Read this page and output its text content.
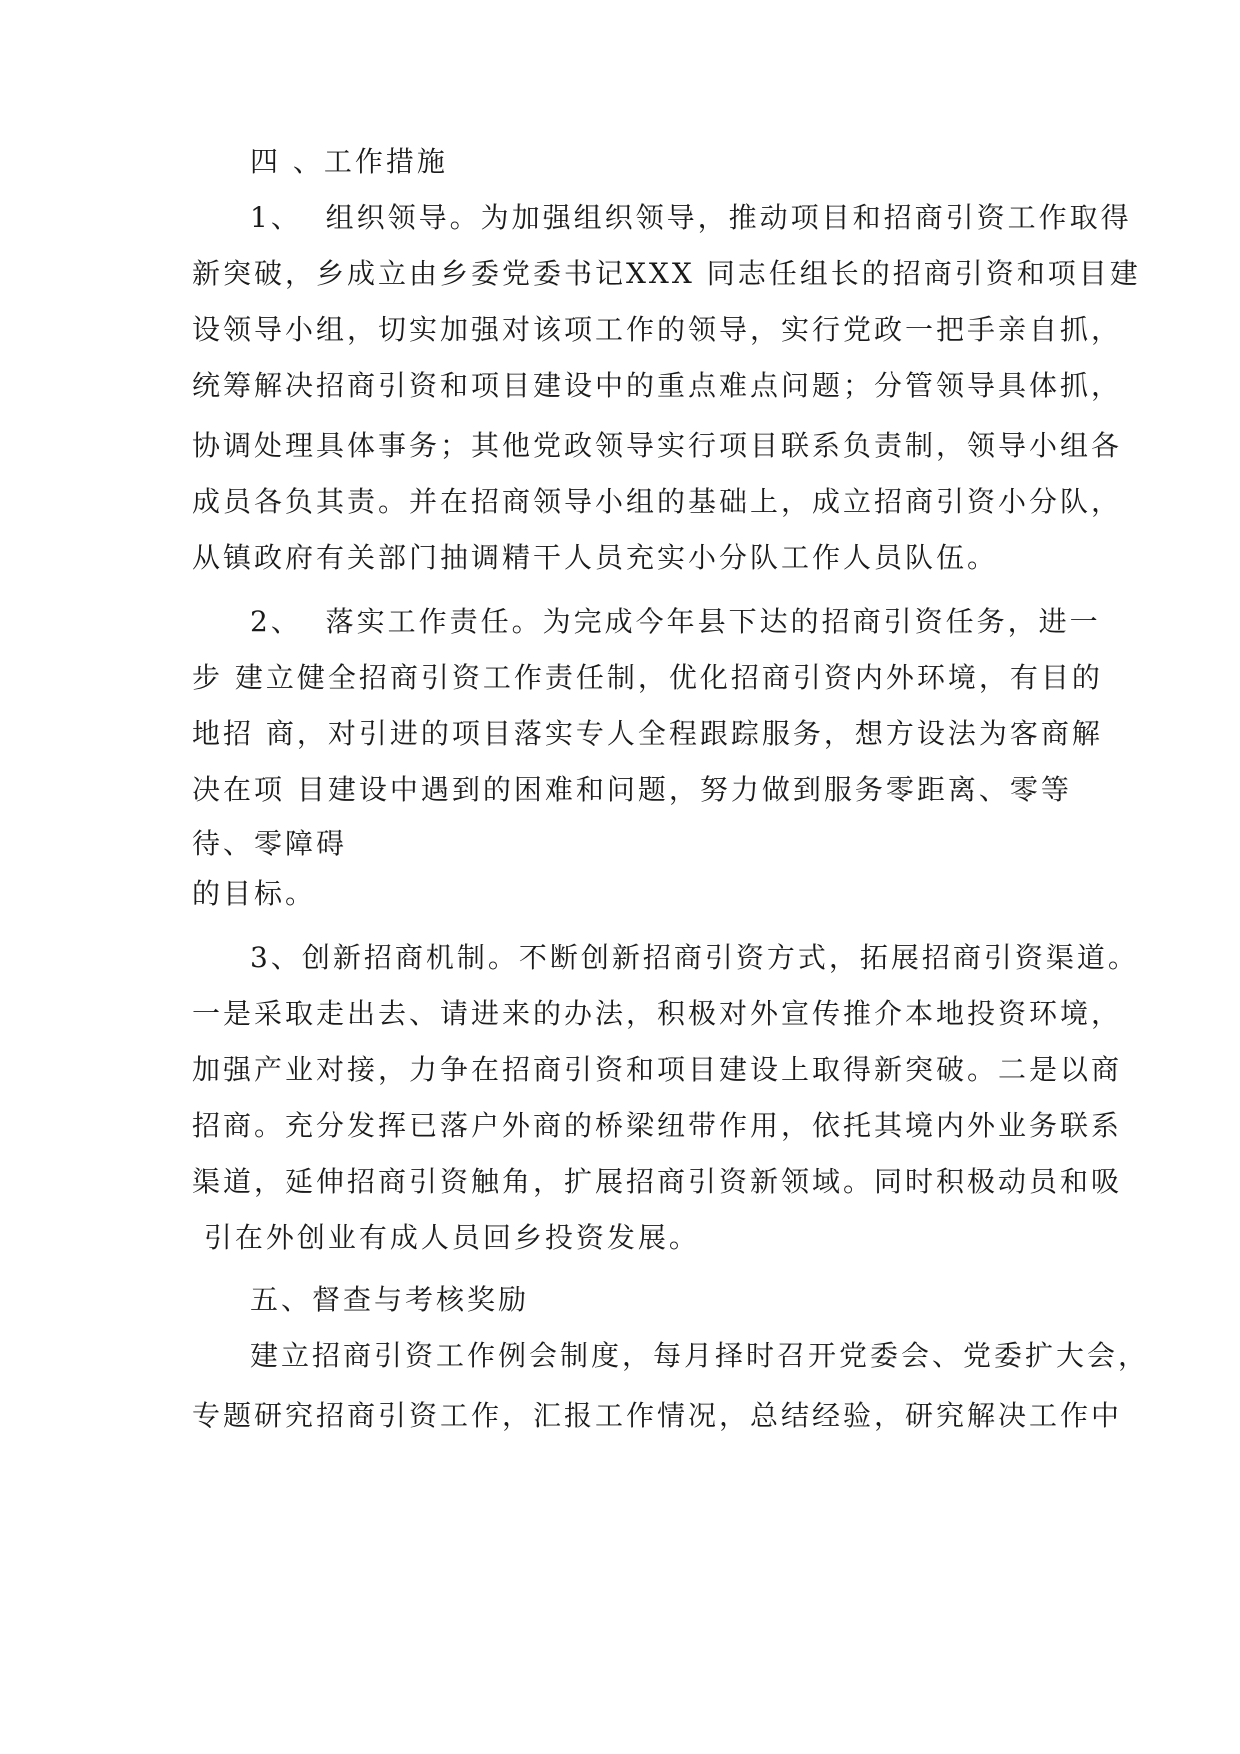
四 、工作措施
1、  组织领导。为加强组织领导，推动项目和招商引资工作取得
新突破，乡成立由乡委党委书记XXX 同志任组长的招商引资和项目建
设领导小组，切实加强对该项工作的领导，实行党政一把手亲自抓，
统筹解决招商引资和项目建设中的重点难点问题；分管领导具体抓，
协调处理具体事务；其他党政领导实行项目联系负责制，领导小组各
成员各负其责。并在招商领导小组的基础上，成立招商引资小分队，
从镇政府有关部门抽调精干人员充实小分队工作人员队伍。
2、  落实工作责任。为完成今年县下达的招商引资任务，进一
步 建立健全招商引资工作责任制，优化招商引资内外环境，有目的
地招 商，对引进的项目落实专人全程跟踪服务，想方设法为客商解
决在项 目建设中遇到的困难和问题，努力做到服务零距离、零等
待、零障碍
的目标。
3、创新招商机制。不断创新招商引资方式，拓展招商引资渠道。
一是采取走出去、请进来的办法，积极对外宣传推介本地投资环境，
加强产业对接，力争在招商引资和项目建设上取得新突破。二是以商
招商。充分发挥已落户外商的桥梁纽带作用，依托其境内外业务联系
渠道，延伸招商引资触角，扩展招商引资新领域。同时积极动员和吸
引在外创业有成人员回乡投资发展。
五、督查与考核奖励
建立招商引资工作例会制度，每月择时召开党委会、党委扩大会，
专题研究招商引资工作，汇报工作情况，总结经验，研究解决工作中
